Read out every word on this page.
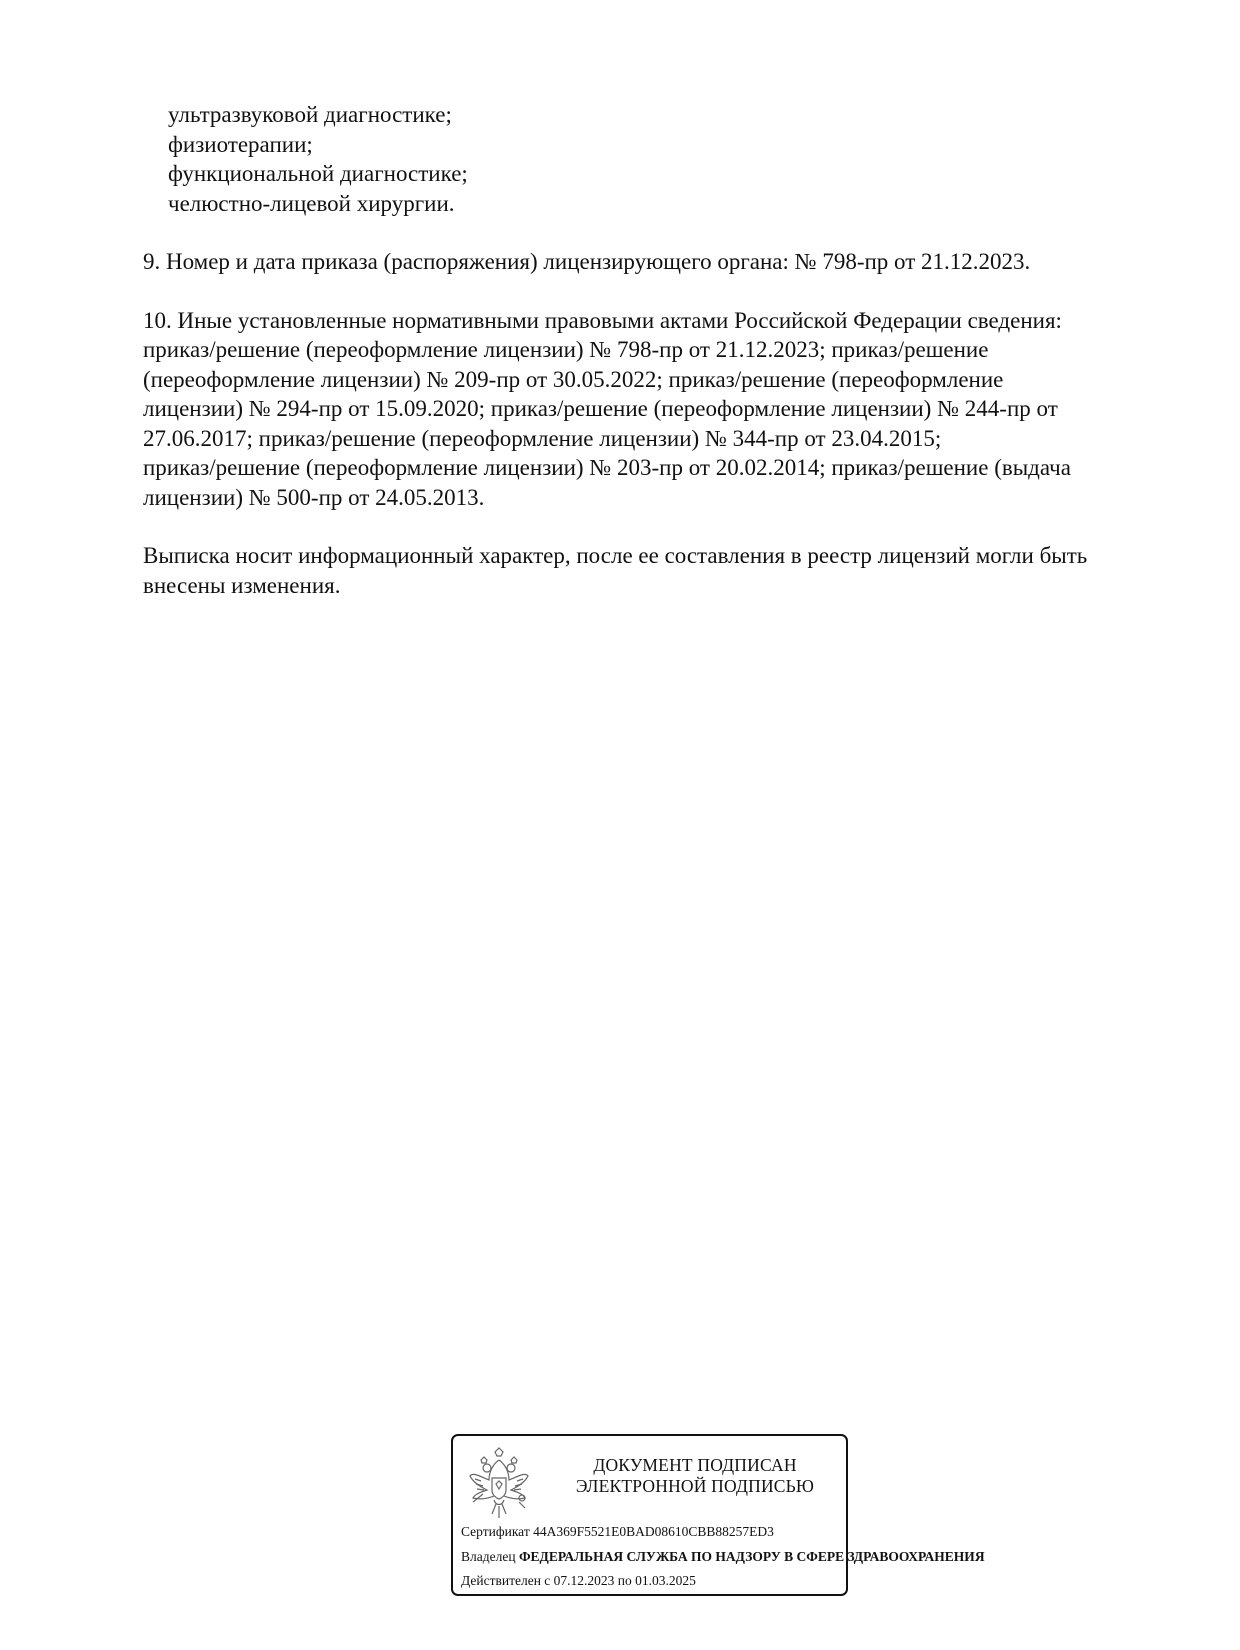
ультразвуковой диагностике;
физиотерапии;
функциональной диагностике;
челюстно-лицевой хирургии.

9. Номер и дата приказа (распоряжения) лицензирующего органа: № 798-пр от 21.12.2023.

10. Иные установленные нормативными правовыми актами Российской Федерации сведения:

приказ/решение (переоформление лицензии) № 798-пр от 21.12.2023; приказ/решение

(переоформление лицензии) № 209-пр от 30.05.2022; приказ/решение (переоформление

лицензии) № 294-пр от 15.09.2020; приказ/решение (переоформление лицензии) № 244-пр от

27.06.2017; приказ/решение (переоформление лицензии) № 344-пр от 23.04.2015;

приказ/решение (переоформление лицензии) № 203-пр от 20.02.2014; приказ/решение (выдача

лицензии) № 500-пр от 24.05.2013.

Выписка носит информационный характер, после ее составления в реестр лицензий могли быть

внесены изменения.

ДОКУМЕНТ ПОДПИСАН
ЭЛЕКТРОННОЙ ПОДПИСЬЮ
Сертификат 44A369F5521E0BAD08610CBB88257ED3
Владелец ФЕДЕРАЛЬНАЯ СЛУЖБА ПО НАДЗОРУ В СФЕРЕ ЗДРАВООХРАНЕНИЯ
Действителен с 07.12.2023 по 01.03.2025
